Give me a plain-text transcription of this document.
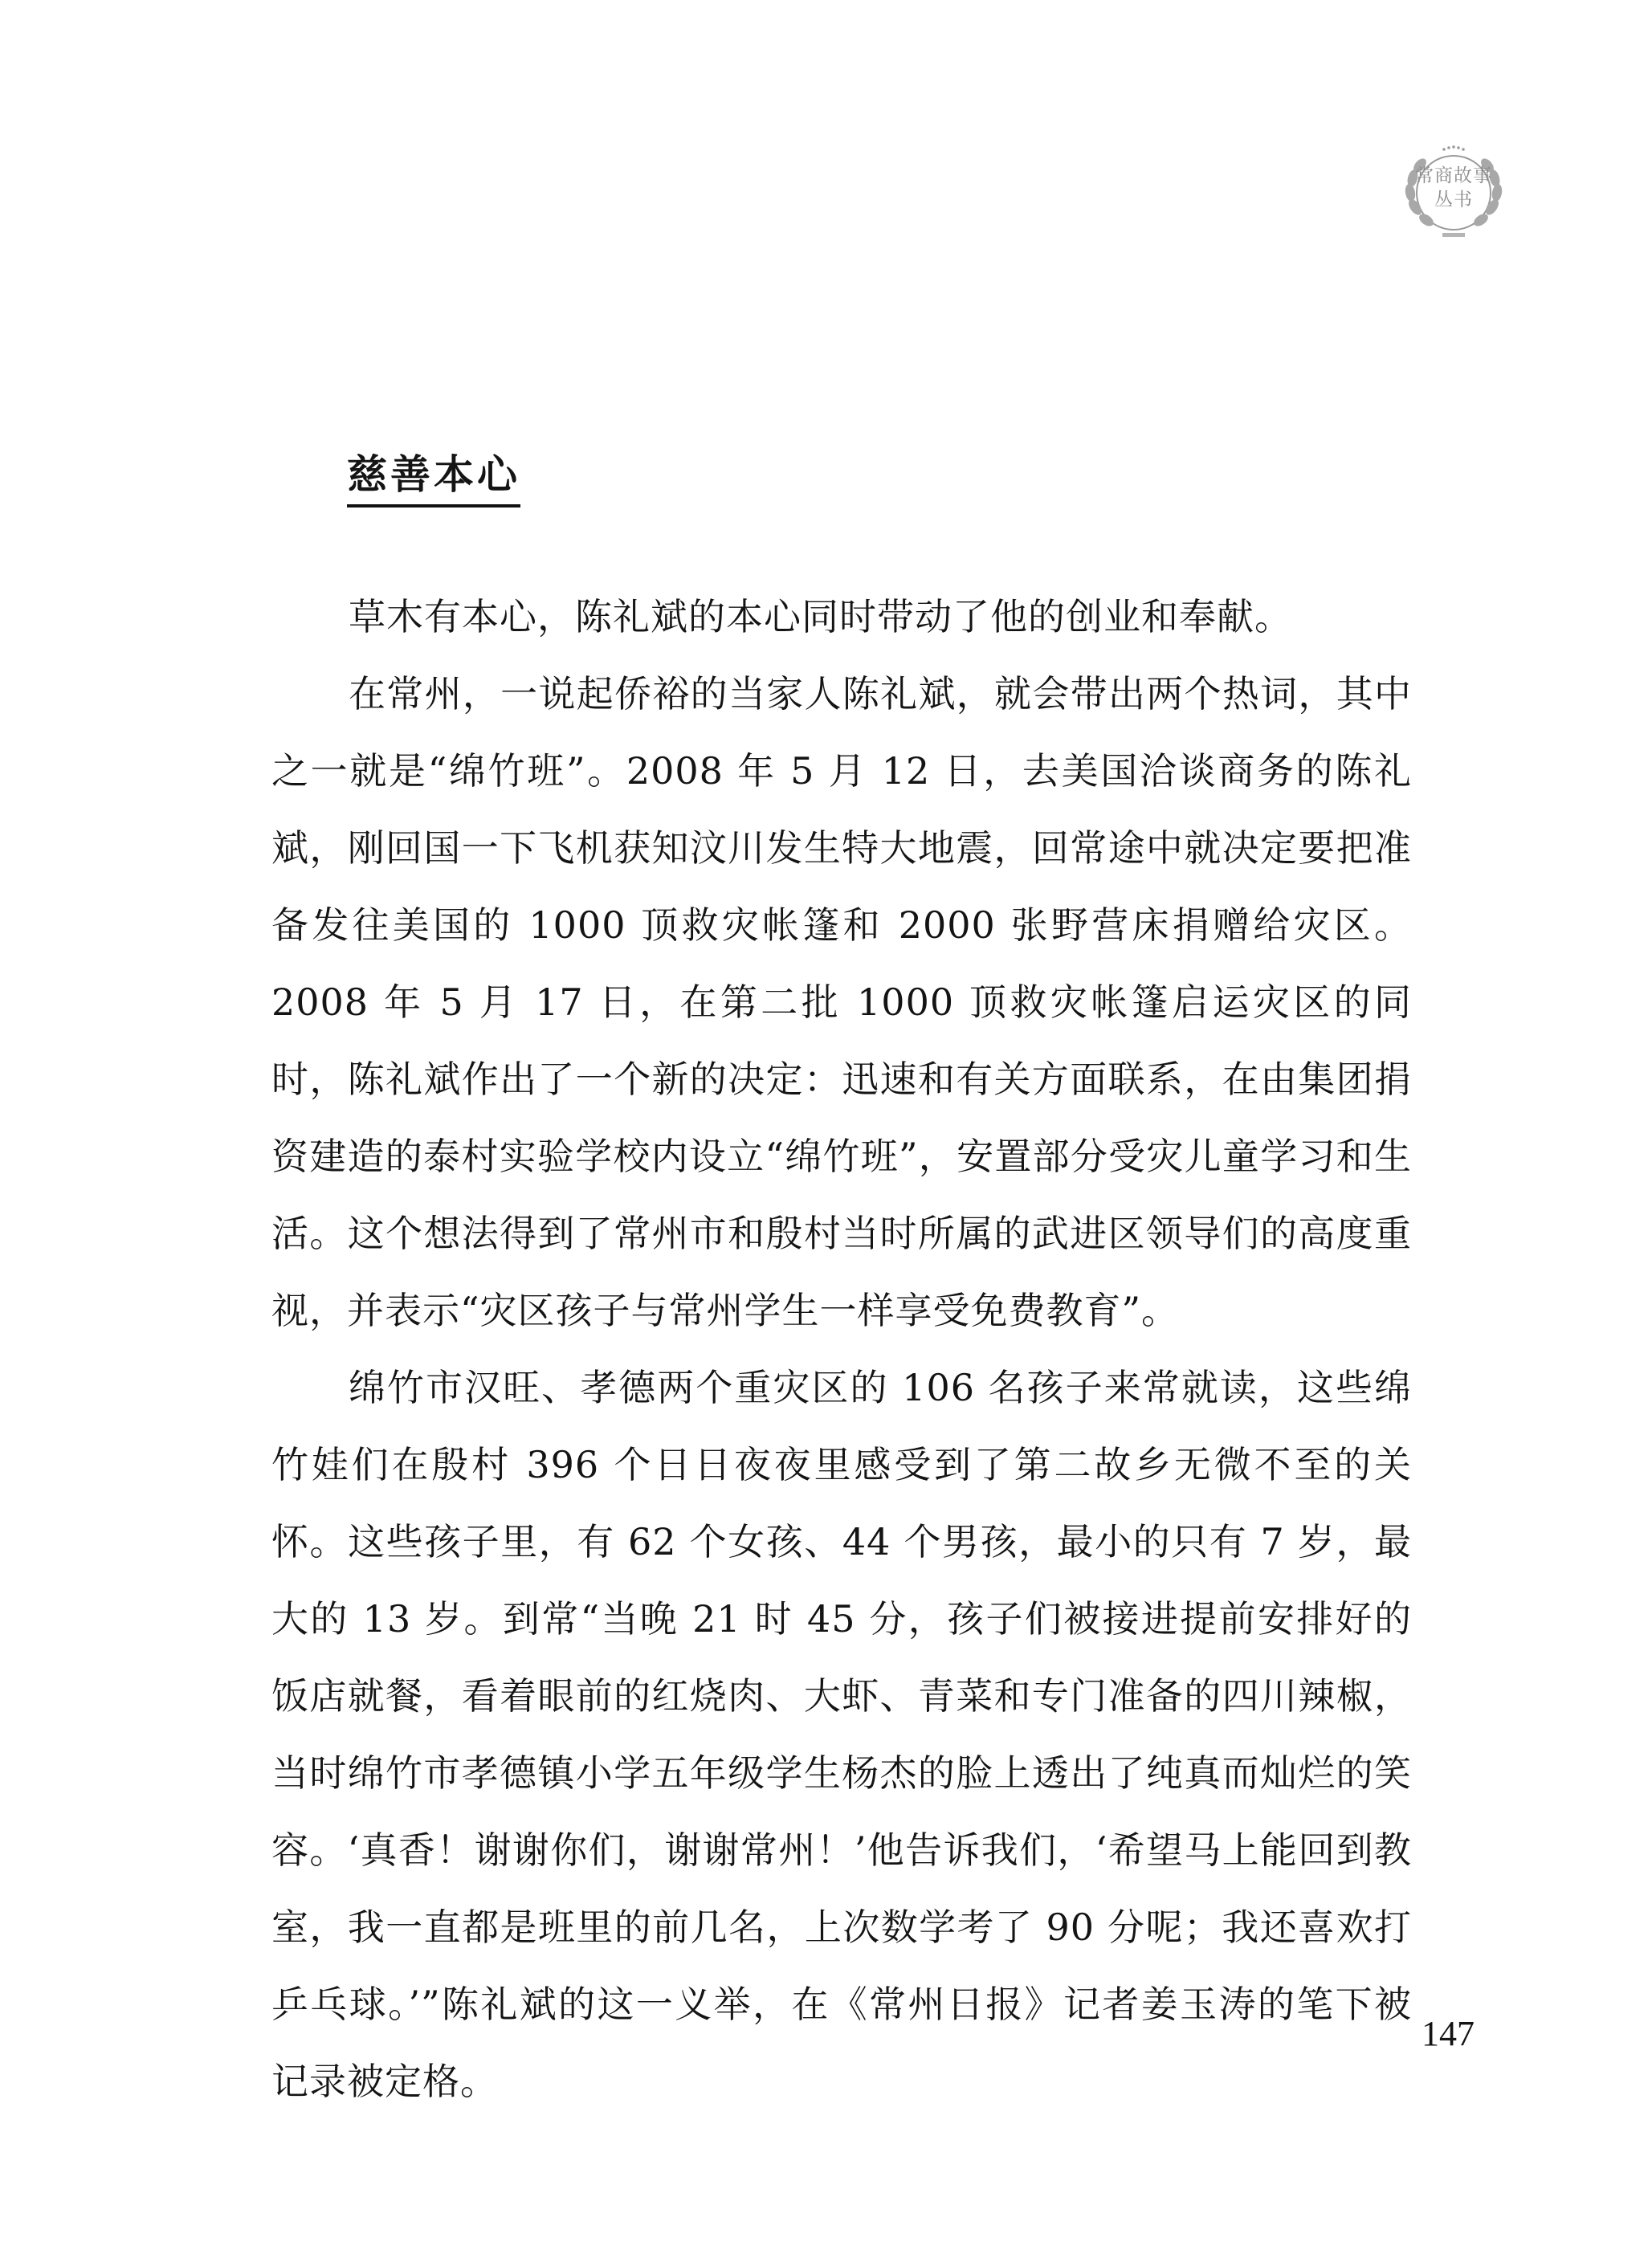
常商故事
丛书
慈善本心

草木有本心，陈礼斌的本心同时带动了他的创业和奉献。

在常州，一说起侨裕的当家人陈礼斌，就会带出两个热词，其中之一就是“绵竹班”。2008 年 5 月 12 日，去美国洽谈商务的陈礼斌，刚回国一下飞机获知汶川发生特大地震，回常途中就决定要把准备发往美国的 1000 顶救灾帐篷和 2000 张野营床捐赠给灾区。2008 年 5 月 17 日，在第二批 1000 顶救灾帐篷启运灾区的同时，陈礼斌作出了一个新的决定：迅速和有关方面联系，在由集团捐资建造的泰村实验学校内设立“绵竹班”，安置部分受灾儿童学习和生活。这个想法得到了常州市和殷村当时所属的武进区领导们的高度重视，并表示“灾区孩子与常州学生一样享受免费教育”。

绵竹市汉旺、孝德两个重灾区的 106 名孩子来常就读，这些绵竹娃们在殷村 396 个日日夜夜里感受到了第二故乡无微不至的关怀。这些孩子里，有 62 个女孩、44 个男孩，最小的只有 7 岁，最大的 13 岁。到常“当晚 21 时 45 分，孩子们被接进提前安排好的饭店就餐，看着眼前的红烧肉、大虾、青菜和专门准备的四川辣椒，当时绵竹市孝德镇小学五年级学生杨杰的脸上透出了纯真而灿烂的笑容。‘真香！谢谢你们，谢谢常州！’他告诉我们，‘希望马上能回到教室，我一直都是班里的前几名，上次数学考了 90 分呢；我还喜欢打乒乓球。’”陈礼斌的这一义举，在《常州日报》记者姜玉涛的笔下被记录被定格。

147
